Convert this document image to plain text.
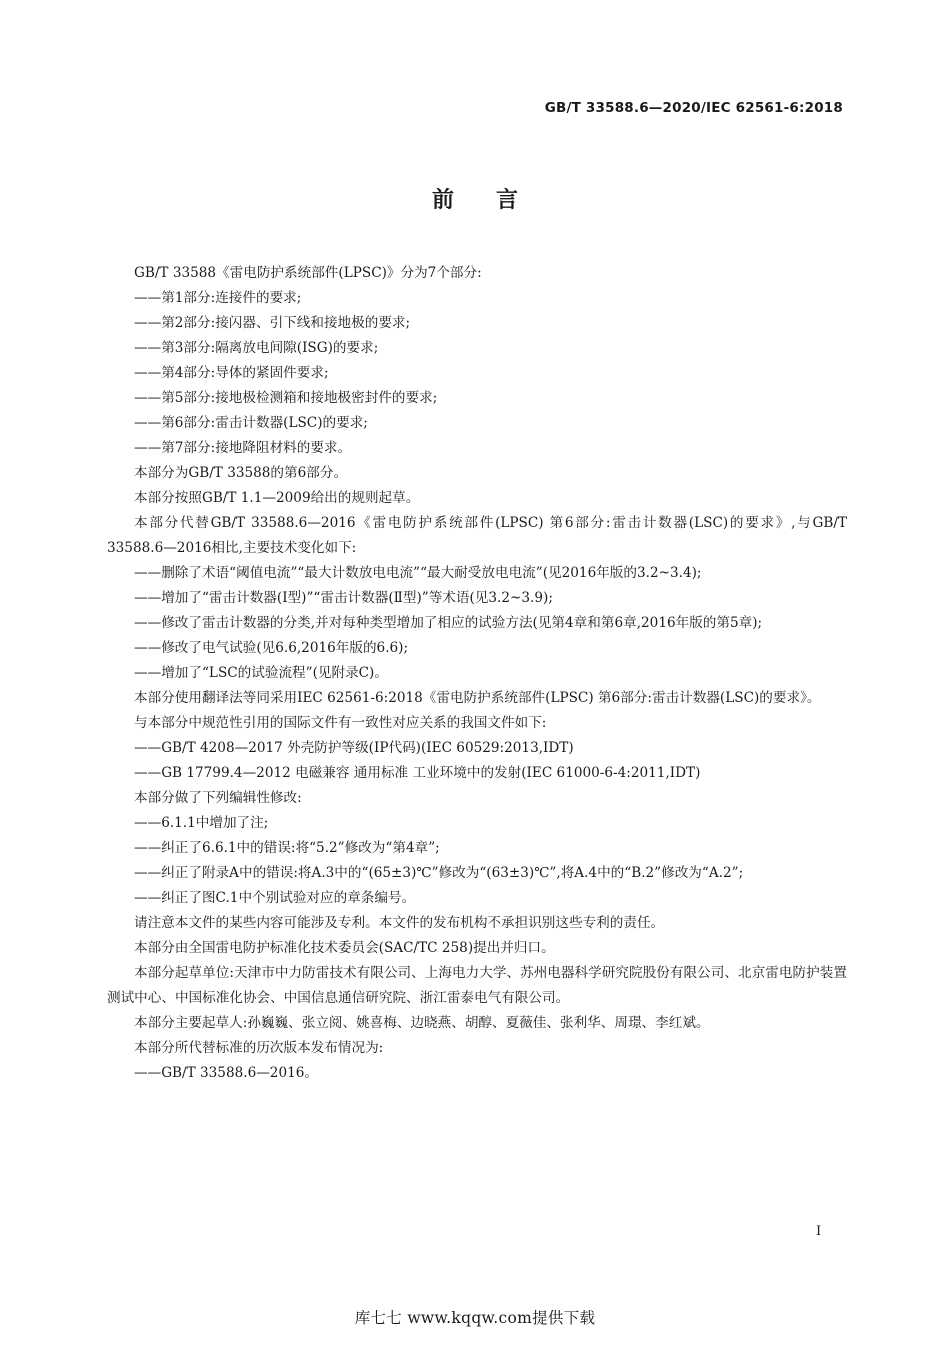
GB/T 33588.6—2020/IEC 62561-6:2018
前言

GB/T 33588《雷电防护系统部件(LPSC)》分为7个部分:

——第1部分:连接件的要求;

——第2部分:接闪器、引下线和接地极的要求;

——第3部分:隔离放电间隙(ISG)的要求;

——第4部分:导体的紧固件要求;

——第5部分:接地极检测箱和接地极密封件的要求;

——第6部分:雷击计数器(LSC)的要求;

——第7部分:接地降阻材料的要求。

本部分为GB/T 33588的第6部分。

本部分按照GB/T 1.1—2009给出的规则起草。

本部分代替GB/T 33588.6—2016《雷电防护系统部件(LPSC) 第6部分:雷击计数器(LSC)的要求》,与GB/T 33588.6—2016相比,主要技术变化如下:

——删除了术语“阈值电流”“最大计数放电电流”“最大耐受放电电流”(见2016年版的3.2~3.4);

——增加了“雷击计数器(Ⅰ型)”“雷击计数器(Ⅱ型)”等术语(见3.2~3.9);

——修改了雷击计数器的分类,并对每种类型增加了相应的试验方法(见第4章和第6章,2016年版的第5章);

——修改了电气试验(见6.6,2016年版的6.6);

——增加了“LSC的试验流程”(见附录C)。

本部分使用翻译法等同采用IEC 62561-6:2018《雷电防护系统部件(LPSC) 第6部分:雷击计数器(LSC)的要求》。

与本部分中规范性引用的国际文件有一致性对应关系的我国文件如下:

——GB/T 4208—2017 外壳防护等级(IP代码)(IEC 60529:2013,IDT)

——GB 17799.4—2012 电磁兼容 通用标准 工业环境中的发射(IEC 61000-6-4:2011,IDT)

本部分做了下列编辑性修改:

——6.1.1中增加了注;

——纠正了6.6.1中的错误:将“5.2”修改为“第4章”;

——纠正了附录A中的错误:将A.3中的“(65±3)℃”修改为“(63±3)℃”,将A.4中的“B.2”修改为“A.2”;

——纠正了图C.1中个别试验对应的章条编号。

请注意本文件的某些内容可能涉及专利。本文件的发布机构不承担识别这些专利的责任。

本部分由全国雷电防护标准化技术委员会(SAC/TC 258)提出并归口。

本部分起草单位:天津市中力防雷技术有限公司、上海电力大学、苏州电器科学研究院股份有限公司、北京雷电防护装置测试中心、中国标准化协会、中国信息通信研究院、浙江雷泰电气有限公司。

本部分主要起草人:孙巍巍、张立阅、姚喜梅、边晓燕、胡醇、夏薇佳、张利华、周璟、李红斌。

本部分所代替标准的历次版本发布情况为:

——GB/T 33588.6—2016。

I
库七七 www.kqqw.com提供下载
